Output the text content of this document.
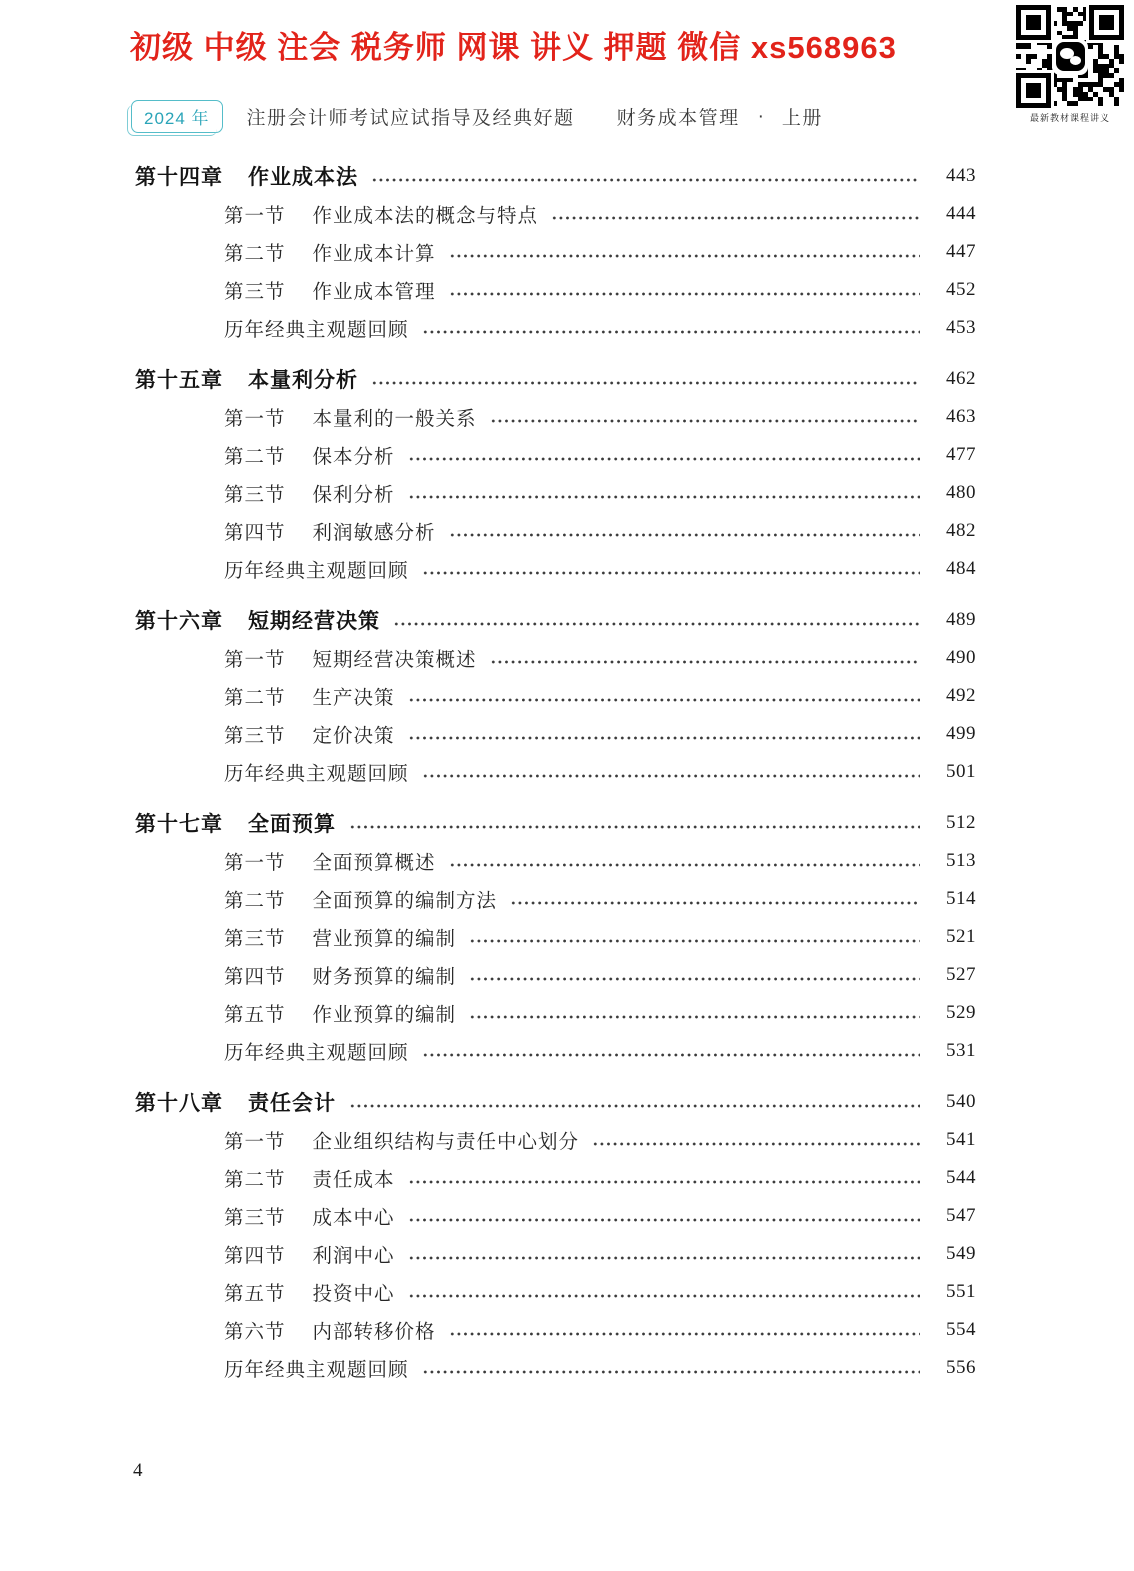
初级 中级 注会 税务师 网课 讲义 押题 微信 xs568963
最新教材课程讲义
2024 年	注册会计师考试应试指导及经典好题 财务成本管理 · 上册
第十四章 作业成本法	443
第一节 作业成本法的概念与特点	444
第二节 作业成本计算	447
第三节 作业成本管理	452
历年经典主观题回顾	453
第十五章 本量利分析	462
第一节 本量利的一般关系	463
第二节 保本分析	477
第三节 保利分析	480
第四节 利润敏感分析	482
历年经典主观题回顾	484
第十六章 短期经营决策	489
第一节 短期经营决策概述	490
第二节 生产决策	492
第三节 定价决策	499
历年经典主观题回顾	501
第十七章 全面预算	512
第一节 全面预算概述	513
第二节 全面预算的编制方法	514
第三节 营业预算的编制	521
第四节 财务预算的编制	527
第五节 作业预算的编制	529
历年经典主观题回顾	531
第十八章 责任会计	540
第一节 企业组织结构与责任中心划分	541
第二节 责任成本	544
第三节 成本中心	547
第四节 利润中心	549
第五节 投资中心	551
第六节 内部转移价格	554
历年经典主观题回顾	556
4
